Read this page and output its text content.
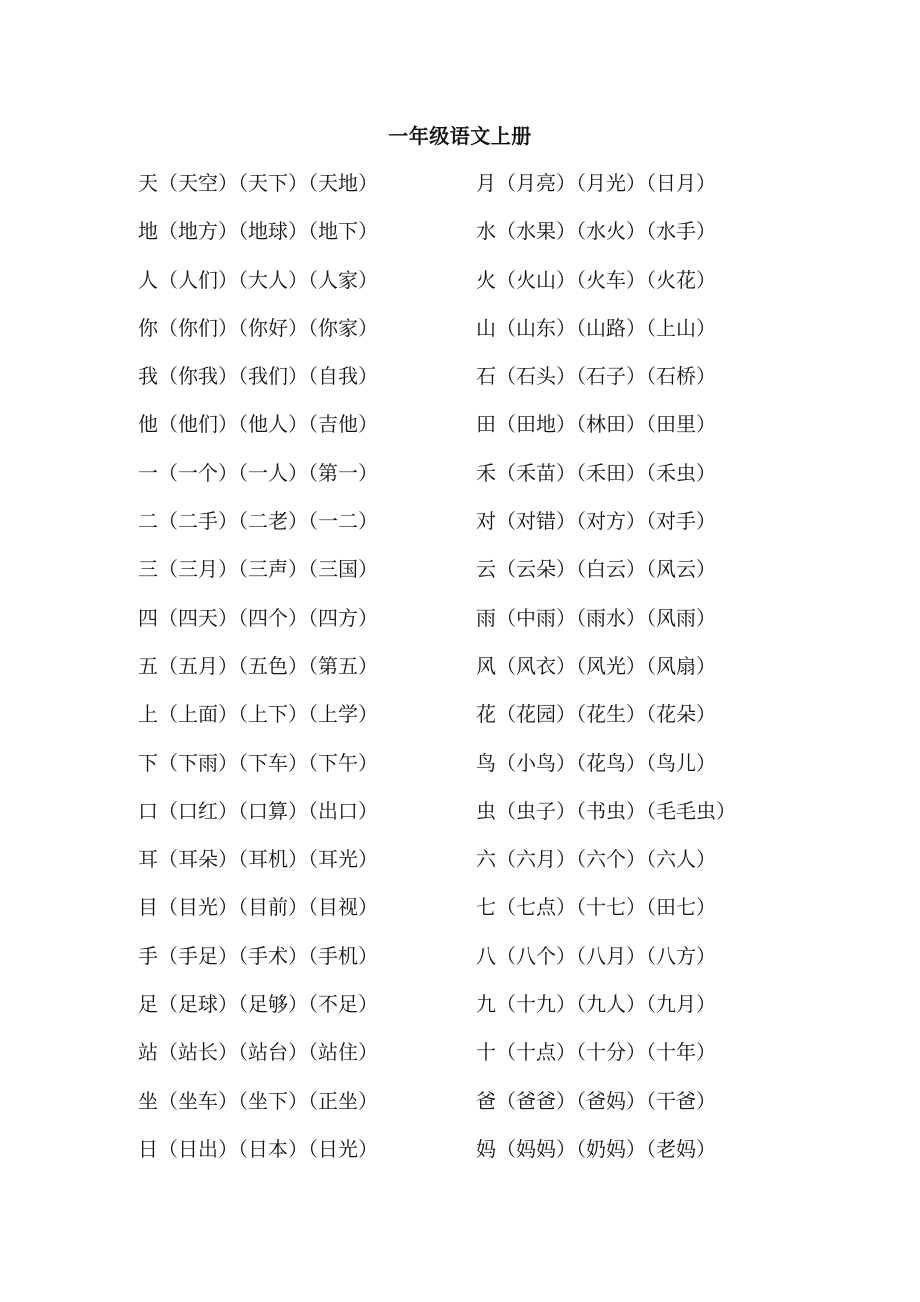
一年级语文上册
天（天空）（天下）（天地）	月（月亮）（月光）（日月）
地（地方）（地球）（地下）	水（水果）（水火）（水手）
人（人们）（大人）（人家）	火（火山）（火车）（火花）
你（你们）（你好）（你家）	山（山东）（山路）（上山）
我（你我）（我们）（自我）	石（石头）（石子）（石桥）
他（他们）（他人）（吉他）	田（田地）（林田）（田里）
一（一个）（一人）（第一）	禾（禾苗）（禾田）（禾虫）
二（二手）（二老）（一二）	对（对错）（对方）（对手）
三（三月）（三声）（三国）	云（云朵）（白云）（风云）
四（四天）（四个）（四方）	雨（中雨）（雨水）（风雨）
五（五月）（五色）（第五）	风（风衣）（风光）（风扇）
上（上面）（上下）（上学）	花（花园）（花生）（花朵）
下（下雨）（下车）（下午）	鸟（小鸟）（花鸟）（鸟儿）
口（口红）（口算）（出口）	虫（虫子）（书虫）（毛毛虫）
耳（耳朵）（耳机）（耳光）	六（六月）（六个）（六人）
目（目光）（目前）（目视）	七（七点）（十七）（田七）
手（手足）（手术）（手机）	八（八个）（八月）（八方）
足（足球）（足够）（不足）	九（十九）（九人）（九月）
站（站长）（站台）（站住）	十（十点）（十分）（十年）
坐（坐车）（坐下）（正坐）	爸（爸爸）（爸妈）（干爸）
日（日出）（日本）（日光）	妈（妈妈）（奶妈）（老妈）
